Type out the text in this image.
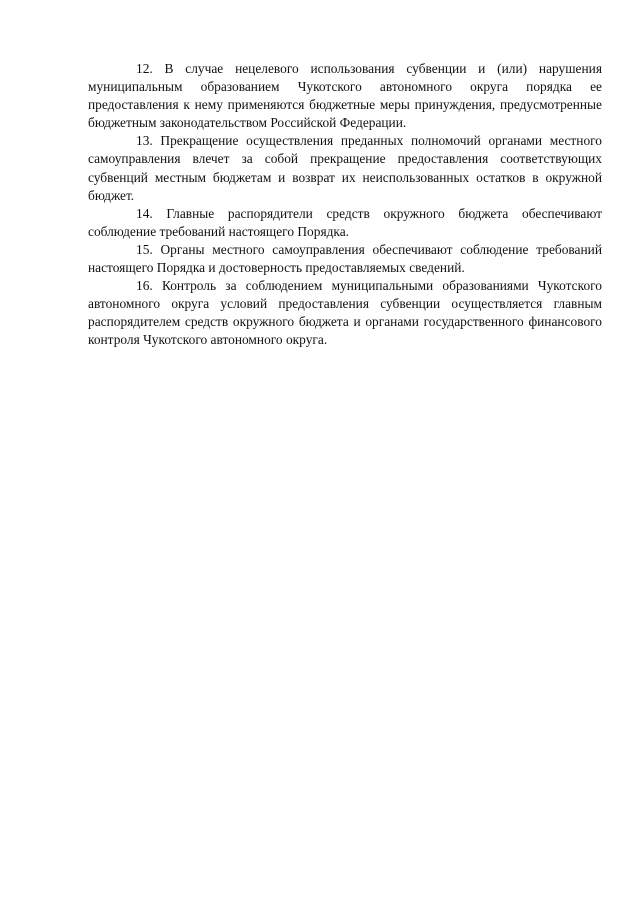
12. В случае нецелевого использования субвенции и (или) нарушения муниципальным образованием Чукотского автономного округа порядка ее предоставления к нему применяются бюджетные меры принуждения, предусмотренные бюджетным законодательством Российской Федерации.

13. Прекращение осуществления преданных полномочий органами местного самоуправления влечет за собой прекращение предоставления соответствующих субвенций местным бюджетам и возврат их неиспользованных остатков в окружной бюджет.

14. Главные распорядители средств окружного бюджета обеспечивают соблюдение требований настоящего Порядка.

15. Органы местного самоуправления обеспечивают соблюдение требований настоящего Порядка и достоверность предоставляемых сведений.

16. Контроль за соблюдением муниципальными образованиями Чукотского автономного округа условий предоставления субвенции осуществляется главным распорядителем средств окружного бюджета и органами государственного финансового контроля Чукотского автономного округа.
